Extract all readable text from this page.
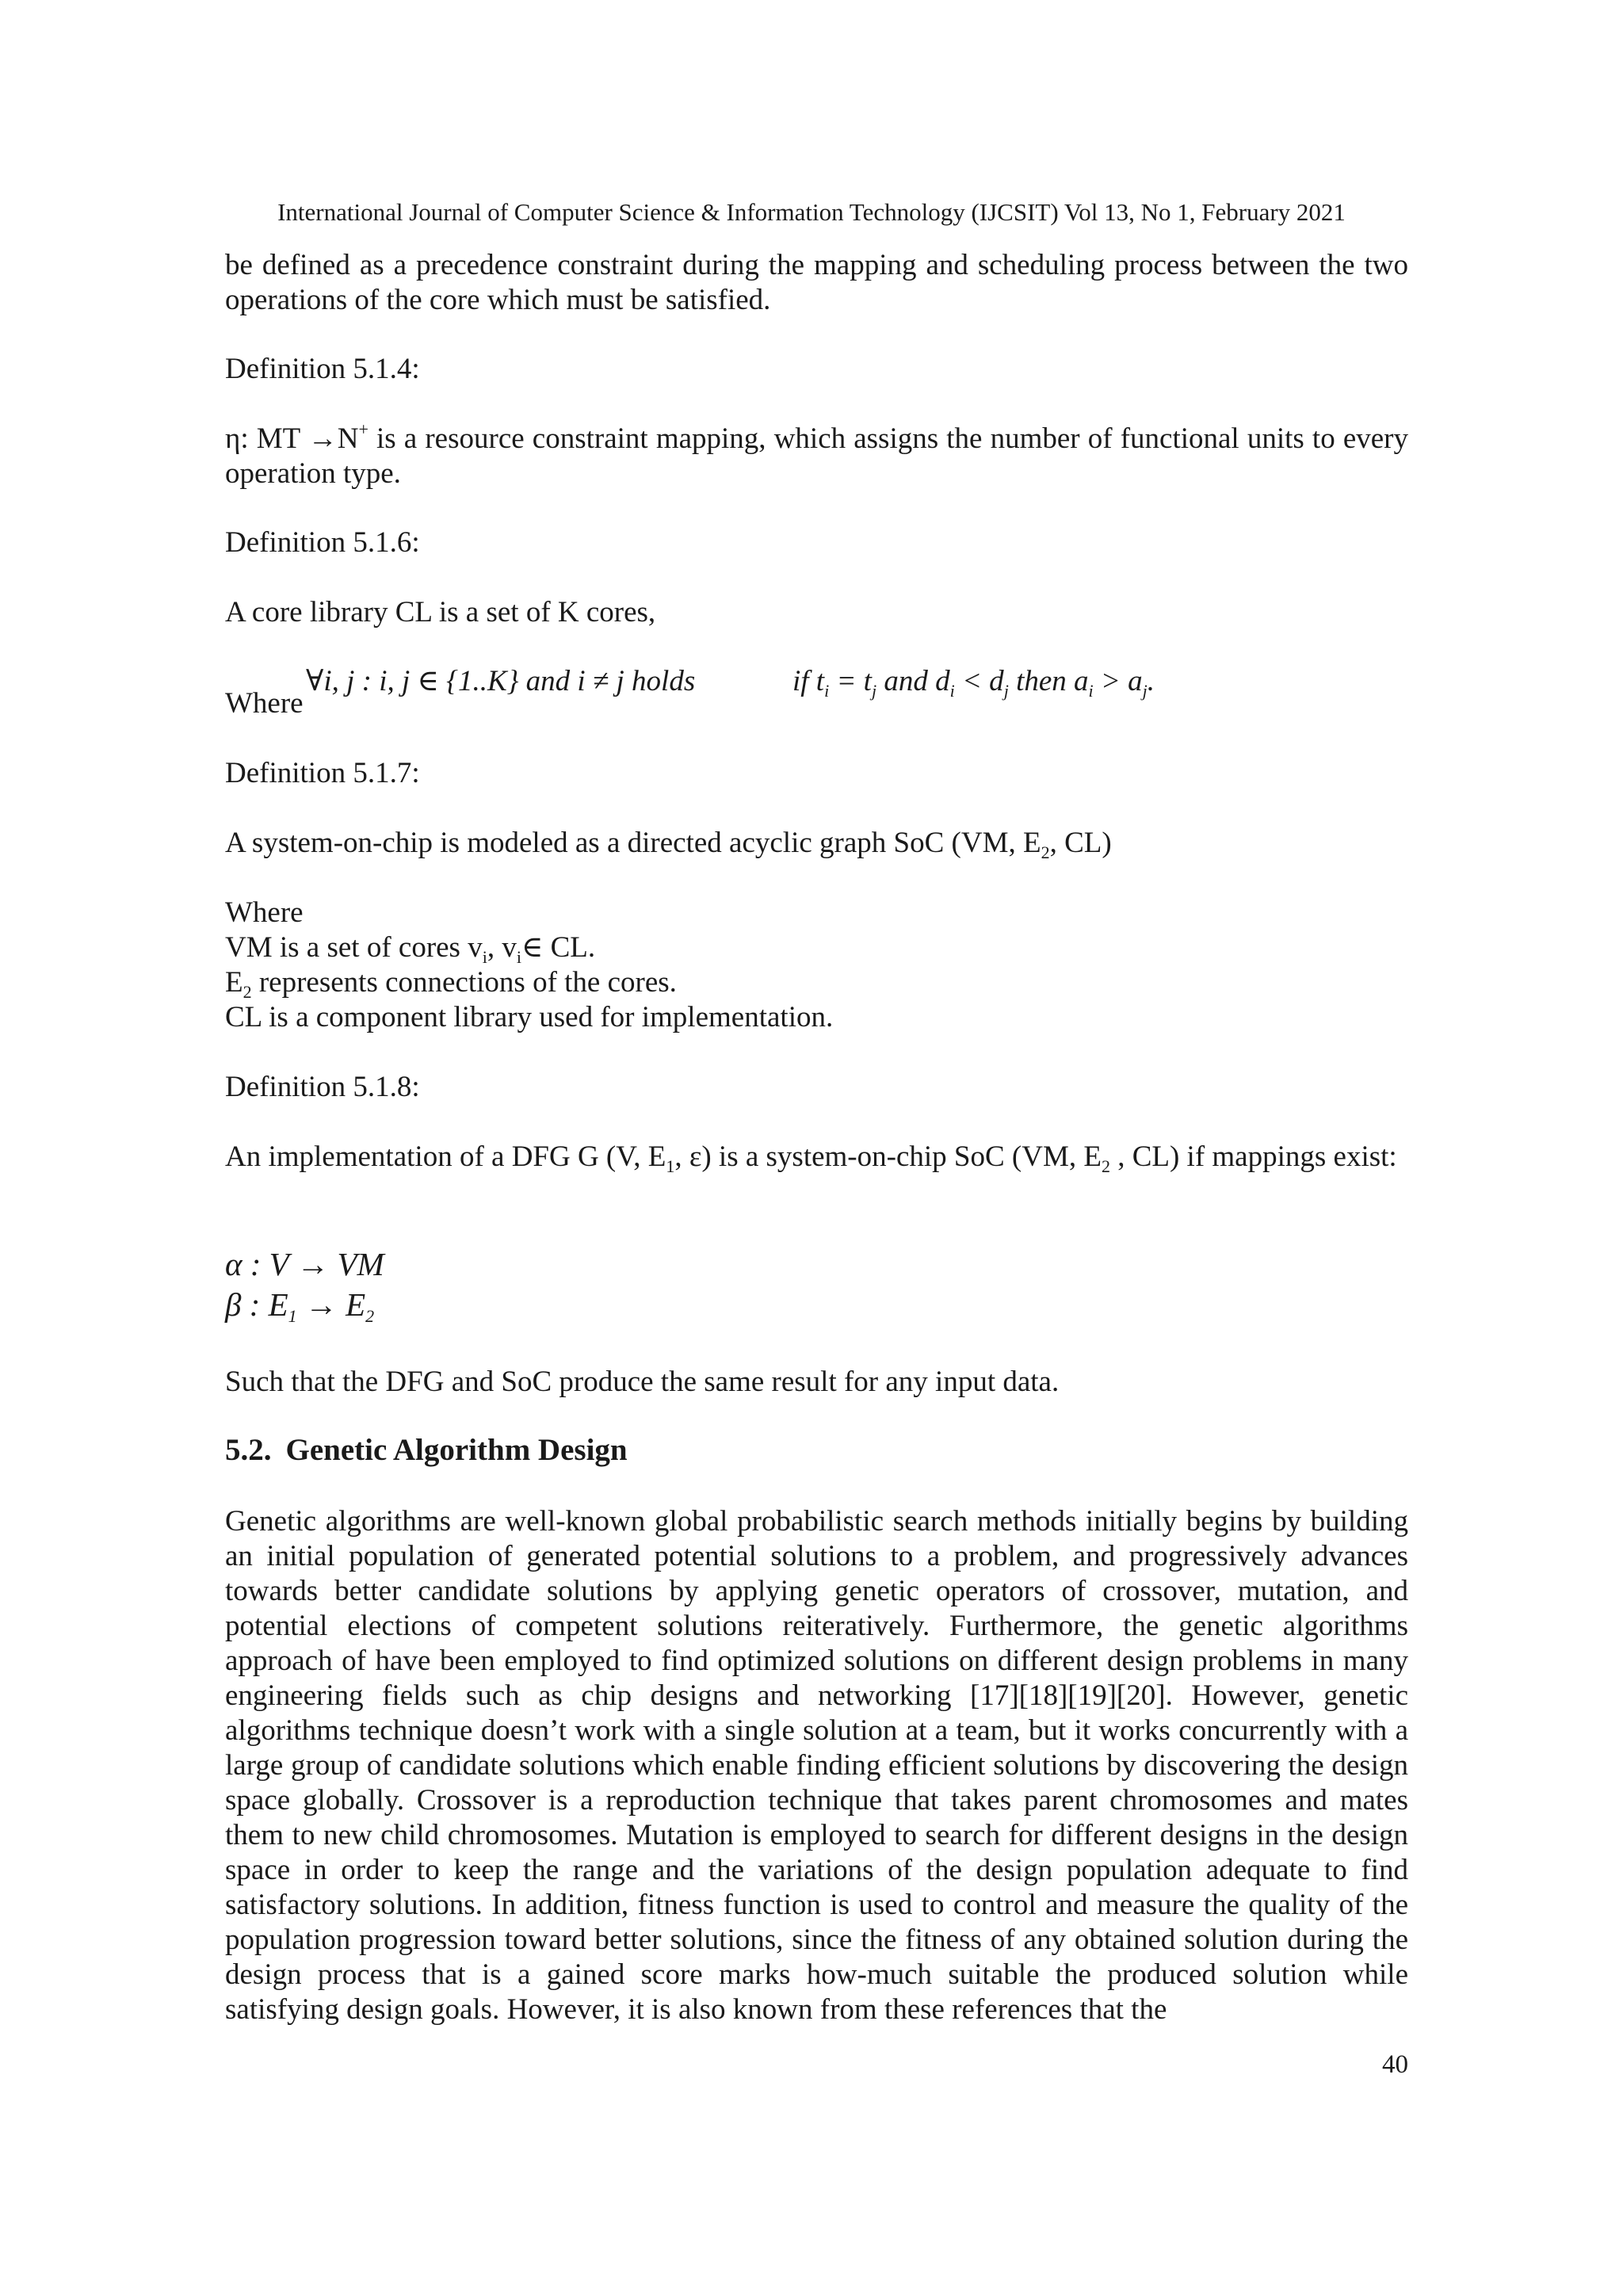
International Journal of Computer Science & Information Technology (IJCSIT) Vol 13, No 1, February 2021

be defined as a precedence constraint during the mapping and scheduling process between the two operations of the core which must be satisfied.

Definition 5.1.4:

η: MT →N+ is a resource constraint mapping, which assigns the number of functional units to every operation type.

Definition 5.1.6:
A core library CL is a set of K cores,
Where
∀i, j : i, j ∈ {1..K} and i ≠ j holds	if $t_i = t_j$ and $d_i < d_j$ then $a_i > a_j$.
Definition 5.1.7:
A system-on-chip is modeled as a directed acyclic graph SoC (VM, $E_2$, CL)
Where
VM is a set of cores $v_i$, $v_i\in$ CL.
$E_2$ represents connections of the cores.
CL is a component library used for implementation.
Definition 5.1.8:

An implementation of a DFG G (V, $E_1$, ε) is a system-on-chip SoC (VM, $E_2$ , CL) if mappings exist:

α : V → VM
β : $E_1 \to E_2$
Such that the DFG and SoC produce the same result for any input data.
5.2. Genetic Algorithm Design

Genetic algorithms are well-known global probabilistic search methods initially begins by building an initial population of generated potential solutions to a problem, and progressively advances towards better candidate solutions by applying genetic operators of crossover, mutation, and potential elections of competent solutions reiteratively. Furthermore, the genetic algorithms approach of have been employed to find optimized solutions on different design problems in many engineering fields such as chip designs and networking [17][18][19][20]. However, genetic algorithms technique doesn’t work with a single solution at a team, but it works concurrently with a large group of candidate solutions which enable finding efficient solutions by discovering the design space globally. Crossover is a reproduction technique that takes parent chromosomes and mates them to new child chromosomes. Mutation is employed to search for different designs in the design space in order to keep the range and the variations of the design population adequate to find satisfactory solutions. In addition, fitness function is used to control and measure the quality of the population progression toward better solutions, since the fitness of any obtained solution during the design process that is a gained score marks how-much suitable the produced solution while satisfying design goals. However, it is also known from these references that the

40
